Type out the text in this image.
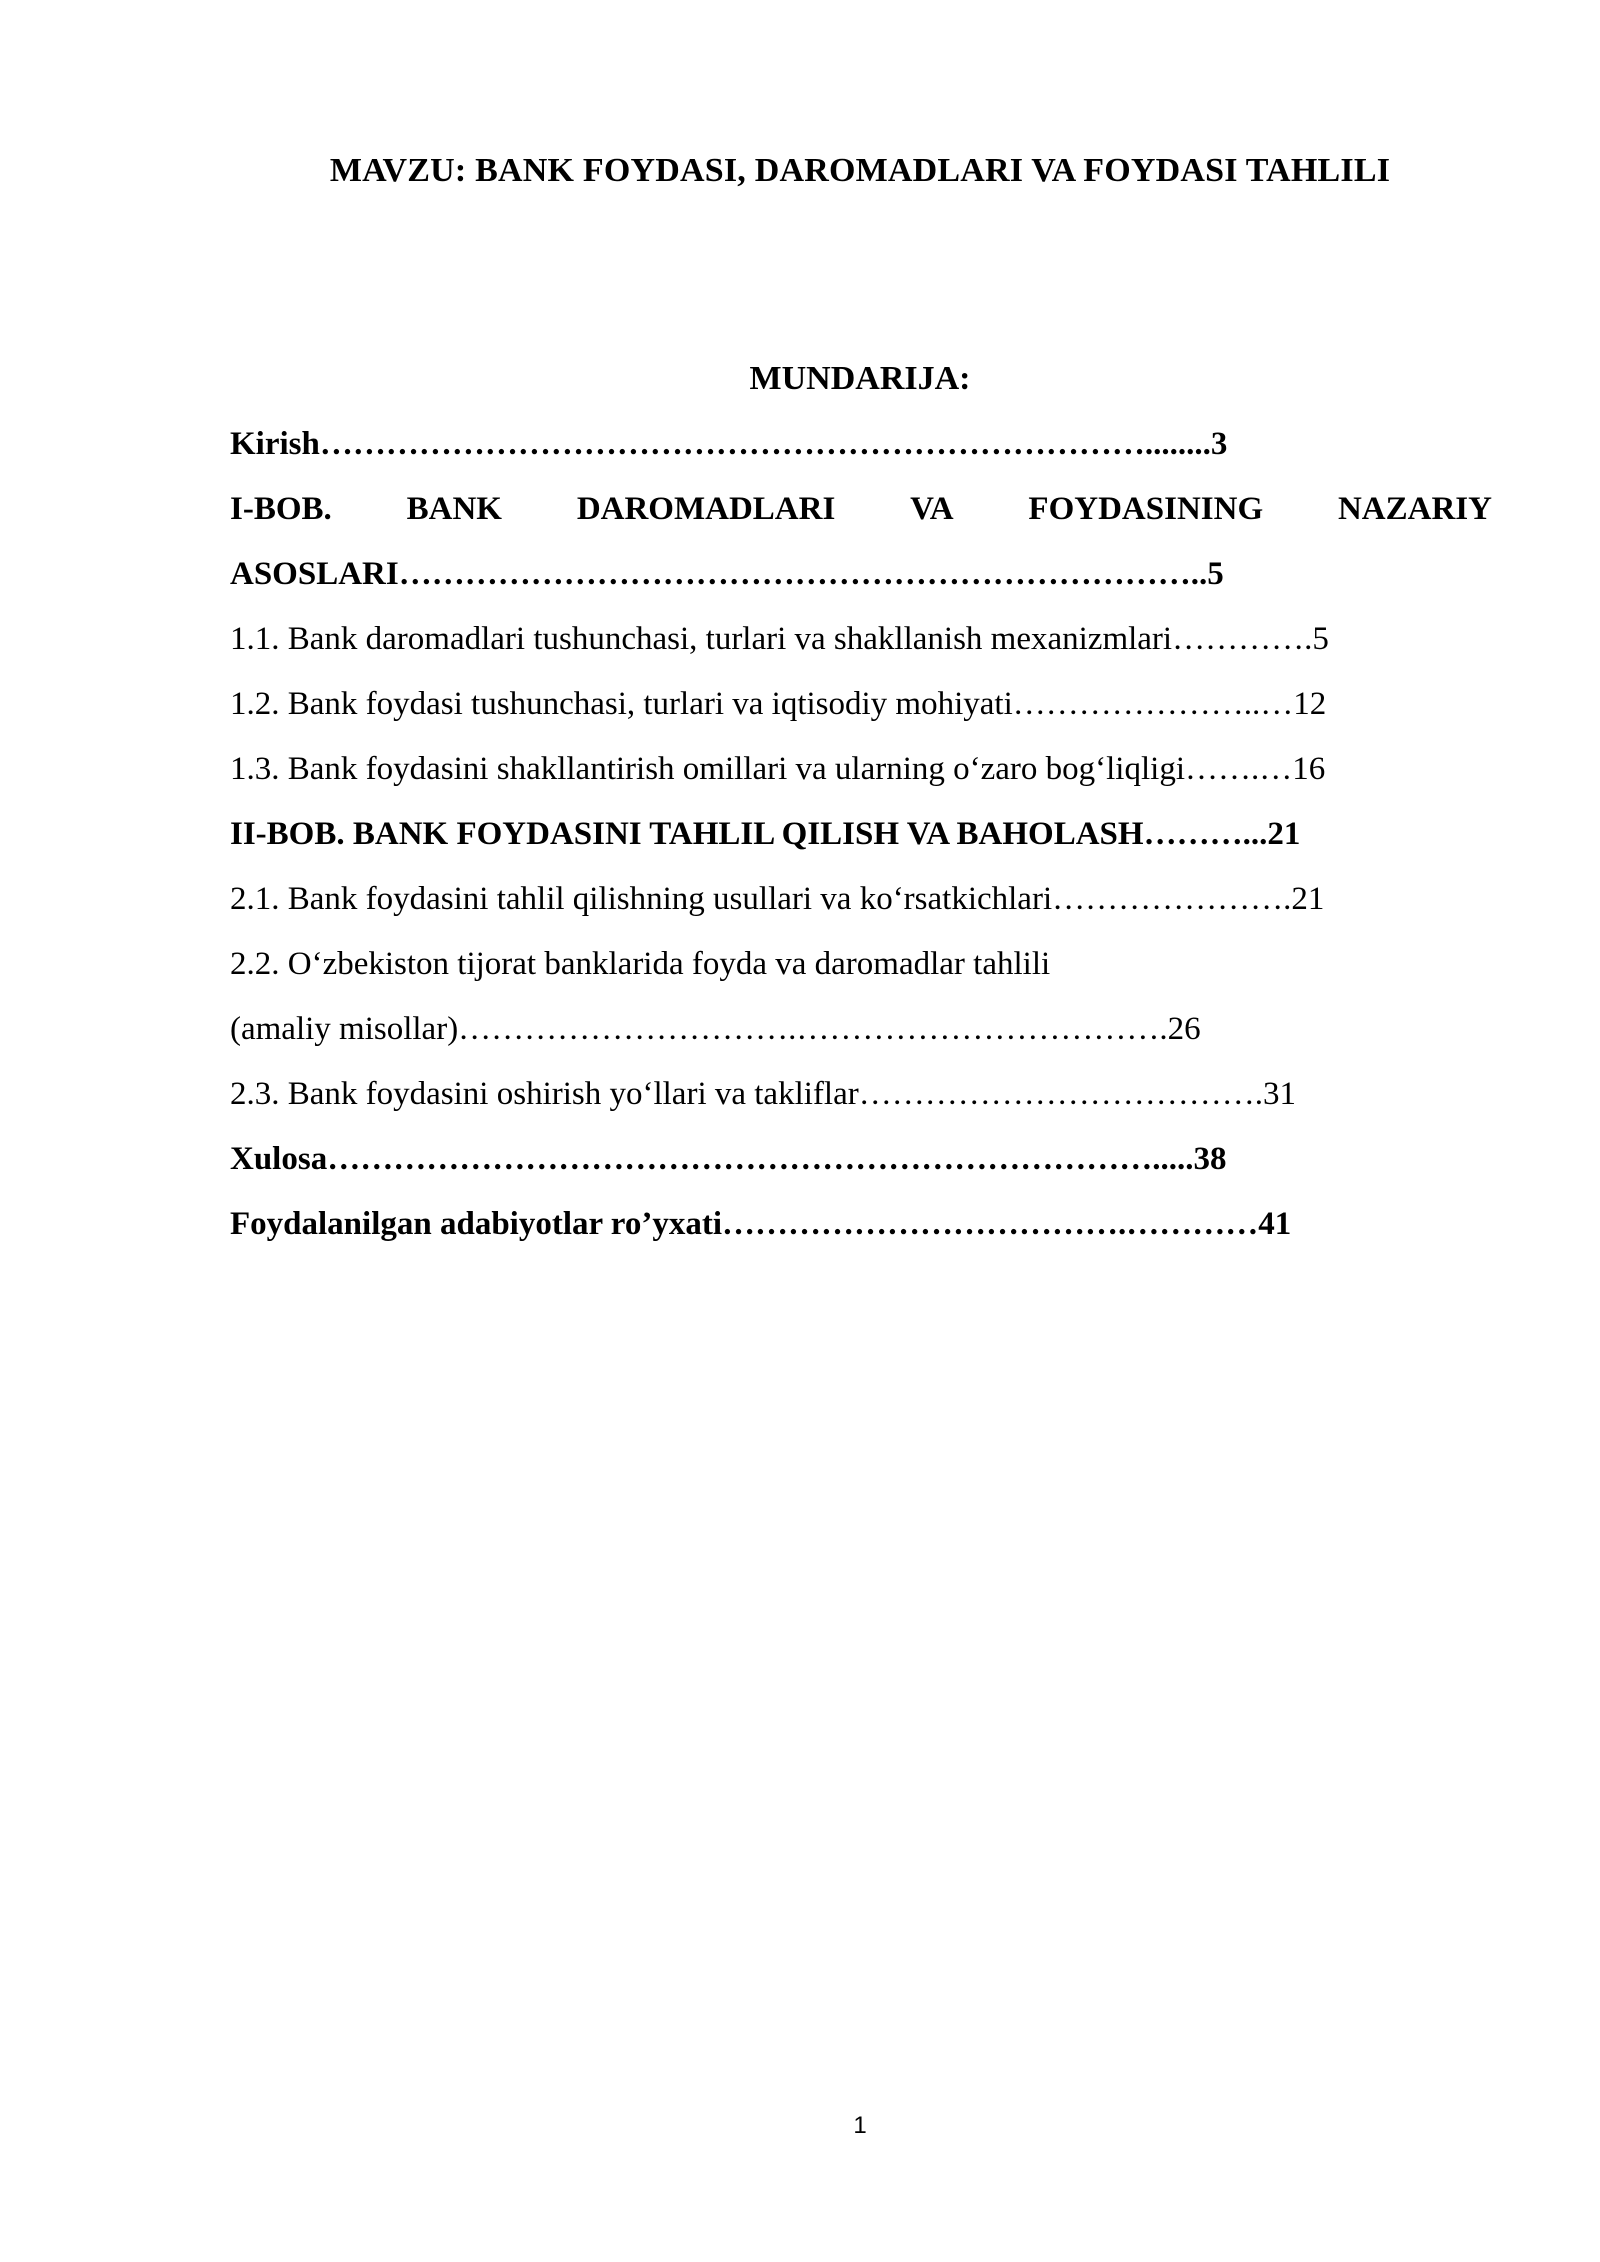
MAVZU: BANK FOYDASI, DAROMADLARI VA FOYDASI TAHLILI
MUNDARIJA:
Kirish…………………………………………………………………........3
I-BOB. BANK DAROMADLARI VA FOYDASINING NAZARIY
ASOSLARI………………………………………………………………..5
1.1. Bank daromadlari tushunchasi, turlari va shakllanish mexanizmlari………….5
1.2. Bank foydasi tushunchasi, turlari va iqtisodiy mohiyati…………………..…12
1.3. Bank foydasini shakllantirish omillari va ularning o‘zaro bog‘liqligi…….…16
II-BOB. BANK FOYDASINI TAHLIL QILISH VA BAHOLASH………...21
2.1. Bank foydasini tahlil qilishning usullari va ko‘rsatkichlari………………….21
2.2. O‘zbekiston tijorat banklarida foyda va daromadlar tahlili
(amaliy misollar)………………………….…………………………….26
2.3. Bank foydasini oshirish yo‘llari va takliflar……………………………….31
Xulosa………………………………………………………………….....38
Foydalanilgan adabiyotlar ro’yxati……………………………….…………41
1
